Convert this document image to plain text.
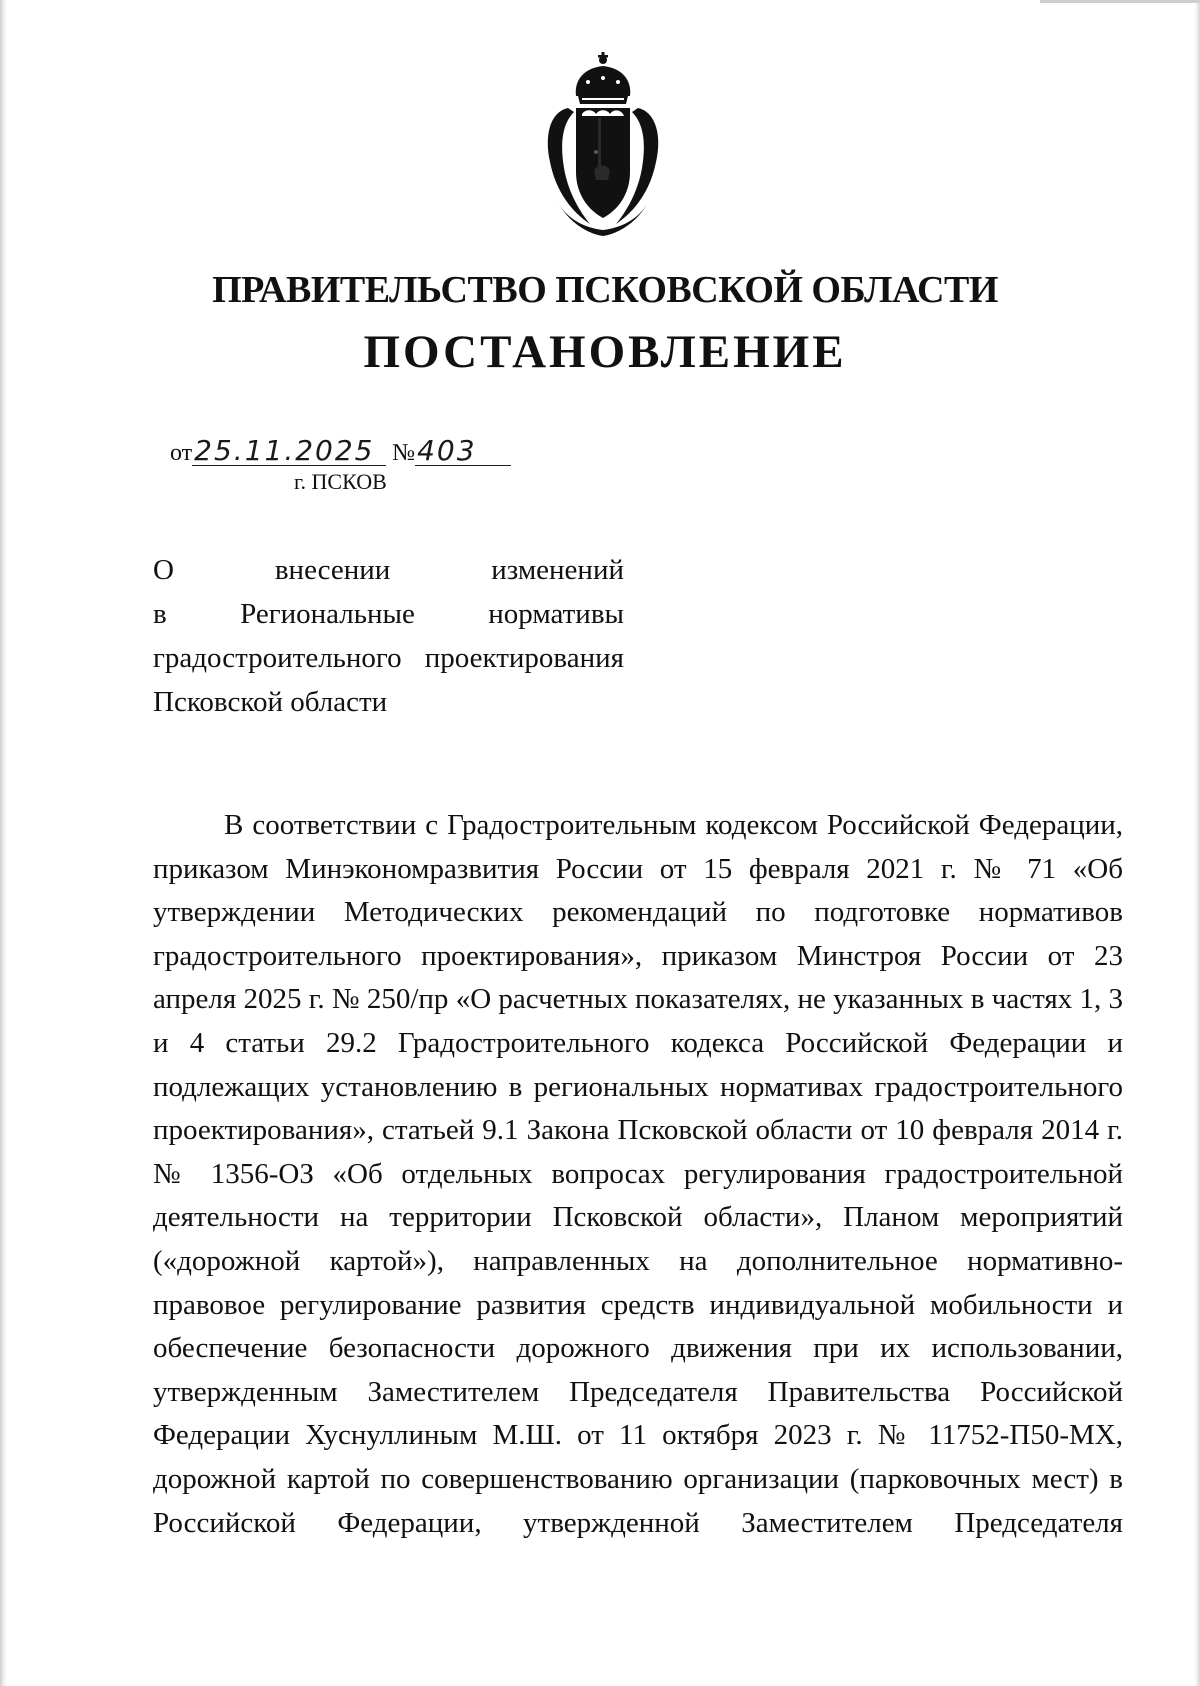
ПРАВИТЕЛЬСТВО ПСКОВСКОЙ ОБЛАСТИ
ПОСТАНОВЛЕНИЕ
от25.11.2025 №403
г. ПСКОВ
О внесении изменений
в Региональные нормативы
градостроительного проектирования
Псковской области

В соответствии с Градостроительным кодексом Российской Федерации, приказом Минэкономразвития России от 15 февраля 2021 г. № 71 «Об утверждении Методических рекомендаций по подготовке нормативов градостроительного проектирования», приказом Минстроя России от 23 апреля 2025 г. № 250/пр «О расчетных показателях, не указанных в частях 1, 3 и 4 статьи 29.2 Градостроительного кодекса Российской Федерации и подлежащих установлению в региональных нормативах градостроительного проектирования», статьей 9.1 Закона Псковской области от 10 февраля 2014 г. № 1356-ОЗ «Об отдельных вопросах регулирования градостроительной деятельности на территории Псковской области», Планом мероприятий («дорожной картой»), направленных на дополнительное нормативно-правовое регулирование развития средств индивидуальной мобильности и обеспечение безопасности дорожного движения при их использовании, утвержденным Заместителем Председателя Правительства Российской Федерации Хуснуллиным М.Ш. от 11 октября 2023 г. № 11752-П50-МХ, дорожной картой по совершенствованию организации (парковочных мест) в Российской Федерации, утвержденной Заместителем Председателя
